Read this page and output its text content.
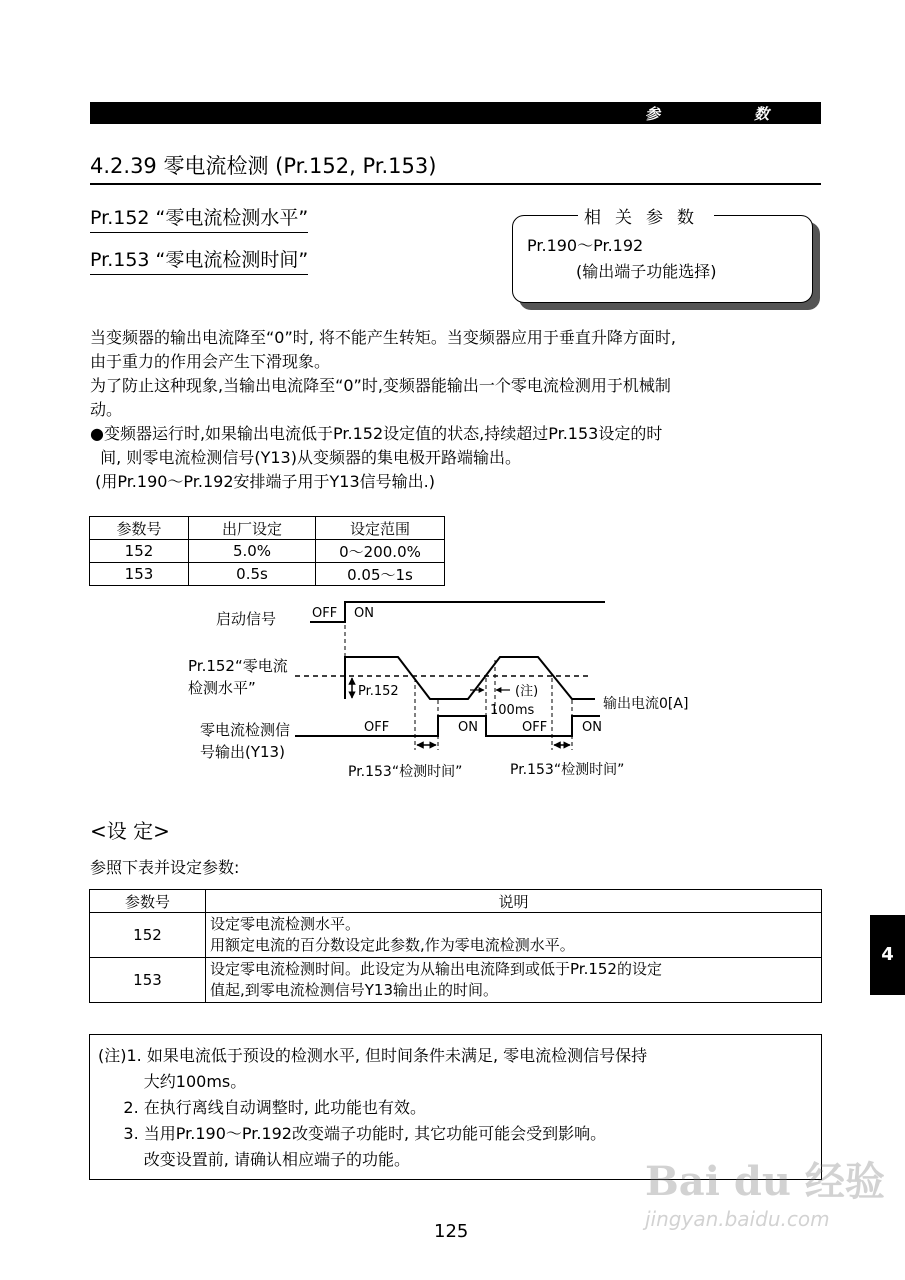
参	数
4.2.39 零电流检测 (Pr.152, Pr.153)
Pr.152 “零电流检测水平”
Pr.153 “零电流检测时间”
相关参数
Pr.190～Pr.192
(输出端子功能选择)
当变频器的输出电流降至“0”时, 将不能产生转矩。当变频器应用于垂直升降方面时,
由于重力的作用会产生下滑现象。
为了防止这种现象,当输出电流降至“0”时,变频器能输出一个零电流检测用于机械制
动。
●变频器运行时,如果输出电流低于Pr.152设定值的状态,持续超过Pr.153设定的时
间, 则零电流检测信号(Y13)从变频器的集电极开路端输出。
(用Pr.190～Pr.192安排端子用于Y13信号输出.)
参数号	出厂设定	设定范围
152	5.0%	0～200.0%
153	0.5s	0.05～1s
启动信号	OFF ON
Pr.152“零电流
检测水平”	Pr.152	(注)
100ms	输出电流0[A]
零电流检测信
号输出(Y13)
OFF	ON	OFF	ON
Pr.153“检测时间”	Pr.153“检测时间”
<设 定>
参照下表并设定参数:
参数号	说明
152	设定零电流检测水平。
用额定电流的百分数设定此参数,作为零电流检测水平。

153	设定零电流检测时间。此设定为从输出电流降到或低于Pr.152的设定
值起,到零电流检测信号Y13输出止的时间。
(注)1. 如果电流低于预设的检测水平, 但时间条件未满足, 零电流检测信号保持
大约100ms。
2. 在执行离线自动调整时, 此功能也有效。
3. 当用Pr.190～Pr.192改变端子功能时, 其它功能可能会受到影响。
改变设置前, 请确认相应端子的功能。
4
Bai du 经验
jingyan.baidu.com
125
